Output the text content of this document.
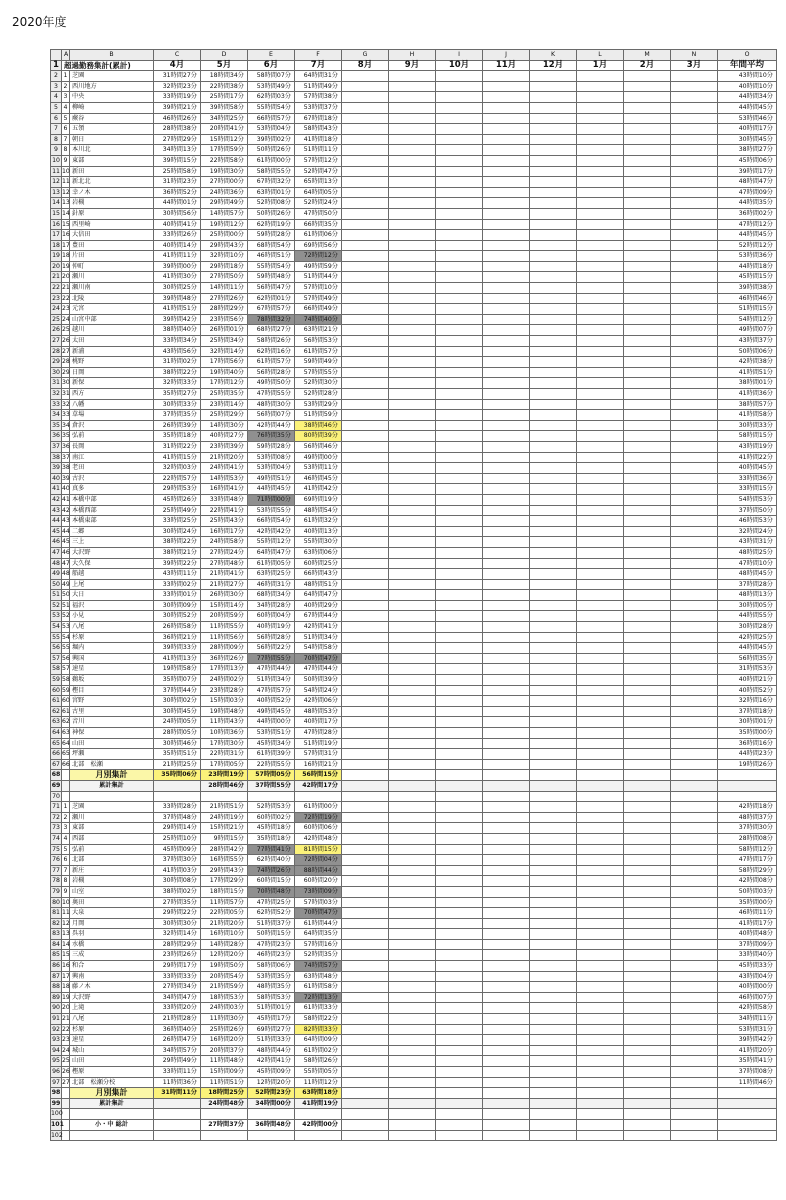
2020年度
	A	B	C	D	E	F	G	H	I	J	K	L	M	N	O
1	超過勤務集計(累計)		4月	5月	6月	7月	8月	9月	10月	11月	12月	1月	2月	3月	年間平均
2	1	芝園	31時間27分	18時間34分	58時間07分	64時間31分									43時間10分
3	2	西川地方	32時間23分	22時間38分	53時間49分	51時間49分									40時間10分
4	3	中央	33時間19分	25時間17分	62時間03分	57時間38分									44時間34分
5	4	柳崎	39時間21分	39時間58分	55時間54分	53時間37分									44時間45分
6	5	蕨谷	46時間26分	34時間25分	66時間57分	67時間18分									53時間46分
7	6	五領	28時間38分	20時間41分	53時間04分	58時間43分									40時間17分
8	7	朝日	27時間29分	15時間12分	39時間02分	41時間18分									30時間45分
9	8	本川北	34時間13分	17時間59分	50時間26分	51時間11分									38時間27分
10	9	東部	39時間15分	22時間58分	61時間00分	57時間12分									45時間06分
11	10	新田	25時間58分	19時間30分	58時間55分	52時間47分									39時間17分
12	11	新北北	31時間23分	27時間00分	67時間32分	65時間13分									48時間47分
13	12	幸ノ木	36時間52分	24時間36分	63時間01分	64時間05分									47時間09分
14	13	岩槻	44時間01分	29時間49分	52時間08分	52時間24分									44時間35分
15	14	針原	30時間56分	14時間57分	50時間26分	47時間50分									36時間02分
16	15	西里崎	40時間41分	19時間12分	62時間19分	66時間35分									47時間12分
17	16	大信田	33時間26分	25時間00分	59時間28分	61時間06分									44時間45分
18	17	豊田	40時間14分	29時間43分	68時間54分	69時間56分									52時間12分
19	18	片田	41時間11分	32時間10分	46時間51分	72時間12分									53時間36分
20	19	仲町	39時間00分	29時間18分	55時間54分	49時間59分									44時間18分
21	20	瀬川	41時間30分	27時間50分	59時間48分	51時間44分									45時間15分
22	21	瀬川南	30時間25分	14時間11分	56時間47分	57時間10分									39時間38分
23	22	北陵	39時間48分	27時間26分	62時間01分	57時間49分									46時間46分
24	23	元宮	41時間51分	28時間29分	67時間57分	66時間49分									51時間15分
25	24	山宮中部	39時間42分	23時間56分	78時間32分	74時間40分									54時間12分
26	25	越川	38時間40分	26時間01分	68時間27分	63時間21分									49時間07分
27	26	太田	33時間34分	25時間34分	58時間26分	56時間53分									43時間37分
28	27	新浦	43時間56分	32時間14分	62時間16分	61時間57分									50時間06分
29	28	桃野	31時間02分	17時間56分	61時間57分	59時間49分									42時間38分
30	29	日岡	38時間22分	19時間40分	56時間28分	57時間55分									41時間51分
31	30	新保	32時間33分	17時間12分	49時間50分	52時間30分									38時間01分
32	31	西方	35時間27分	25時間35分	47時間55分	52時間28分									41時間36分
33	32	八幡	30時間33分	23時間14分	48時間30分	53時間29分									38時間57分
34	33	草場	37時間35分	25時間29分	56時間07分	51時間59分									41時間58分
35	34	倉沢	26時間39分	14時間30分	42時間44分	38時間46分									30時間33分
36	35	弘前	35時間18分	40時間27分	76時間35分	80時間39分									58時間15分
37	36	長岡	31時間22分	23時間39分	59時間28分	56時間46分									43時間19分
38	37	南江	41時間15分	21時間20分	53時間08分	49時間00分									41時間22分
39	38	老田	32時間03分	24時間41分	53時間04分	53時間11分									40時間45分
40	39	古沢	22時間57分	14時間53分	49時間51分	46時間45分									33時間36分
41	40	真多	29時間53分	16時間41分	44時間45分	41時間42分									33時間15分
42	41	本橋中部	45時間26分	33時間48分	71時間00分	69時間19分									54時間53分
43	42	本橋西部	25時間49分	22時間41分	53時間55分	48時間54分									37時間50分
44	43	本橋東部	33時間25分	25時間43分	66時間54分	61時間32分									46時間53分
45	44	二郷	30時間24分	16時間17分	42時間42分	40時間13分									32時間24分
46	45	三上	38時間22分	24時間58分	55時間12分	55時間30分									43時間31分
47	46	大沢野	38時間21分	27時間24分	64時間47分	63時間06分									48時間25分
48	47	大久保	39時間22分	27時間48分	61時間05分	60時間25分									47時間10分
49	48	船越	43時間11分	21時間41分	63時間25分	66時間43分									48時間45分
50	49	上尾	33時間02分	21時間27分	46時間31分	48時間51分									37時間28分
51	50	大日	33時間01分	26時間30分	68時間34分	64時間47分									48時間13分
52	51	福沢	30時間09分	15時間14分	34時間28分	40時間29分									30時間05分
53	52	小見	30時間52分	20時間59分	60時間04分	67時間44分									44時間55分
54	53	八尾	26時間58分	11時間55分	40時間19分	42時間41分									30時間28分
55	54	杉原	36時間21分	11時間56分	56時間28分	51時間34分									42時間25分
56	55	堀内	39時間33分	28時間09分	56時間22分	54時間58分									44時間45分
57	56	興国	41時間13分	36時間26分	77時間55分	70時間47分									56時間35分
58	57	速星	19時間58分	17時間13分	47時間44分	47時間44分									31時間53分
59	58	鵜坂	35時間07分	24時間02分	51時間34分	50時間39分									40時間21分
60	59	樫目	37時間44分	23時間28分	47時間57分	54時間24分									40時間52分
61	60	宮野	30時間02分	15時間03分	40時間52分	42時間06分									32時間16分
62	61	古里	30時間45分	19時間48分	49時間45分	48時間53分									37時間18分
63	62	音川	24時間05分	11時間43分	44時間00分	40時間17分									30時間01分
64	63	神保	28時間05分	10時間36分	53時間51分	47時間28分									35時間00分
65	64	山田	30時間46分	17時間30分	45時間34分	51時間19分									36時間16分
66	65	坪瀬	35時間51分	22時間31分	61時間39分	57時間31分									44時間23分
67	66	北部　松瀬	21時間25分	17時間05分	22時間55分	16時間21分									19時間26分
68		月別集計	35時間06分	23時間19分	57時間05分	56時間15分									
69		累計集計		28時間46分	37時間55分	42時間17分									
70															
71	1	芝園	33時間28分	21時間51分	52時間53分	61時間00分									42時間18分
72	2	瀬川	37時間48分	24時間19分	60時間02分	72時間19分									48時間37分
73	3	東部	29時間14分	15時間21分	45時間18分	60時間06分									37時間30分
74	4	西部	25時間10分	9時間15分	35時間18分	42時間48分									28時間08分
75	5	弘前	45時間09分	28時間42分	77時間41分	81時間15分									58時間12分
76	6	北部	37時間30分	16時間55分	62時間40分	72時間04分									47時間17分
77	7	新庄	41時間03分	29時間43分	74時間26分	88時間44分									58時間29分
78	8	岩槻	30時間08分	17時間29分	60時間15分	60時間20分									42時間08分
79	9	山室	38時間02分	18時間15分	70時間48分	73時間09分									50時間03分
80	10	奥田	27時間35分	11時間57分	47時間25分	57時間03分									35時間00分
81	11	大泉	29時間22分	22時間05分	62時間52分	70時間47分									46時間11分
82	12	月岡	30時間30分	21時間20分	51時間37分	61時間44分									41時間17分
83	13	呉羽	32時間14分	16時間10分	50時間15分	64時間35分									40時間48分
84	14	水橋	28時間29分	14時間28分	47時間23分	57時間16分									37時間09分
85	15	三成	23時間26分	12時間20分	46時間23分	52時間35分									33時間40分
86	16	和合	29時間17分	19時間50分	58時間06分	74時間57分									45時間33分
87	17	興南	33時間33分	20時間54分	53時間35分	63時間48分									43時間04分
88	18	藤ノ木	27時間34分	21時間59分	48時間35分	61時間58分									40時間00分
89	19	大沢野	34時間47分	18時間53分	58時間53分	72時間13分									46時間07分
90	20	上滝	33時間20分	24時間03分	51時間01分	61時間33分									42時間58分
91	21	八尾	21時間28分	11時間30分	45時間17分	58時間22分									34時間11分
92	22	杉原	36時間40分	25時間26分	69時間27分	82時間33分									53時間31分
93	23	速星	26時間47分	16時間20分	51時間33分	64時間09分									39時間42分
94	24	城山	34時間57分	20時間37分	48時間44分	61時間02分									41時間20分
95	25	山田	29時間49分	11時間48分	42時間41分	58時間26分									35時間41分
96	26	樫原	33時間11分	15時間09分	45時間09分	55時間05分									37時間08分
97	27	北部　松瀬分校	11時間36分	11時間51分	12時間20分	11時間12分									11時間46分
98		月別集計	31時間11分	18時間25分	52時間23分	63時間18分									
99		累計集計		24時間48分	34時間00分	41時間19分									
100															
101		小・中 総計		27時間37分	36時間48分	42時間00分									
102															
